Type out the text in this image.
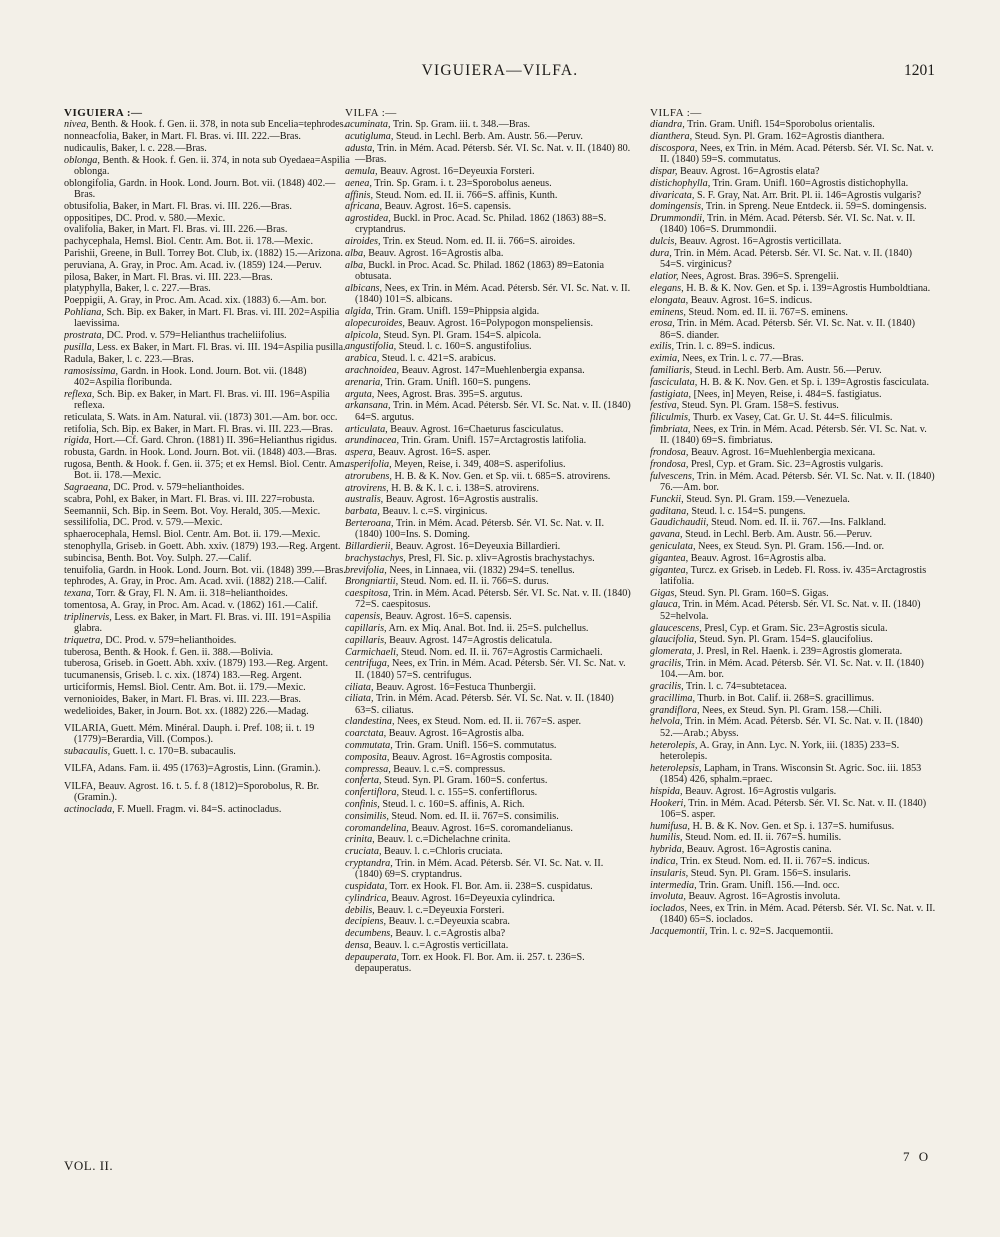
VIGUIERA—VILFA.	1201
VIGUIERA :—
nivea, Benth. & Hook. f. Gen. ii. 378, in nota sub Encelia=tephrodes.
nonneacfolia, Baker, in Mart. Fl. Bras. vi. III. 222.—Bras.
nudicaulis, Baker, l. c. 228.—Bras.
oblonga, Benth. & Hook. f. Gen. ii. 374, in nota sub Oyedaea=Aspilia oblonga.
oblongifolia, Gardn. in Hook. Lond. Journ. Bot. vii. (1848) 402.—Bras.
obtusifolia, Baker, in Mart. Fl. Bras. vi. III. 226.—Bras.
oppositipes, DC. Prod. v. 580.—Mexic.
ovalifolia, Baker, in Mart. Fl. Bras. vi. III. 226.—Bras.
pachycephala, Hemsl. Biol. Centr. Am. Bot. ii. 178.—Mexic.
Parishii, Greene, in Bull. Torrey Bot. Club, ix. (1882) 15.—Arizona.
peruviana, A. Gray, in Proc. Am. Acad. iv. (1859) 124.—Peruv.
pilosa, Baker, in Mart. Fl. Bras. vi. III. 223.—Bras.
platyphylla, Baker, l. c. 227.—Bras.
Poeppigii, A. Gray, in Proc. Am. Acad. xix. (1883) 6.—Am. bor.
Pohliana, Sch. Bip. ex Baker, in Mart. Fl. Bras. vi. III. 202=Aspilia laevissima.
prostrata, DC. Prod. v. 579=Helianthus tracheliifolius.
pusilla, Less. ex Baker, in Mart. Fl. Bras. vi. III. 194=Aspilia pusilla.
Radula, Baker, l. c. 223.—Bras.
ramosissima, Gardn. in Hook. Lond. Journ. Bot. vii. (1848) 402=Aspilia floribunda.
reflexa, Sch. Bip. ex Baker, in Mart. Fl. Bras. vi. III. 196=Aspilia reflexa.
reticulata, S. Wats. in Am. Natural. vii. (1873) 301.—Am. bor. occ.
retifolia, Sch. Bip. ex Baker, in Mart. Fl. Bras. vi. III. 223.—Bras.
rigida, Hort.—Cf. Gard. Chron. (1881) II. 396=Helianthus rigidus.
robusta, Gardn. in Hook. Lond. Journ. Bot. vii. (1848) 403.—Bras.
rugosa, Benth. & Hook. f. Gen. ii. 375; et ex Hemsl. Biol. Centr. Am. Bot. ii. 178.—Mexic.
Sagraeana, DC. Prod. v. 579=helianthoides.
scabra, Pohl, ex Baker, in Mart. Fl. Bras. vi. III. 227=robusta.
Seemannii, Sch. Bip. in Seem. Bot. Voy. Herald, 305.—Mexic.
sessilifolia, DC. Prod. v. 579.—Mexic.
sphaerocephala, Hemsl. Biol. Centr. Am. Bot. ii. 179.—Mexic.
stenophylla, Griseb. in Goett. Abh. xxiv. (1879) 193.—Reg. Argent.
subincisa, Benth. Bot. Voy. Sulph. 27.—Calif.
tenuifolia, Gardn. in Hook. Lond. Journ. Bot. vii. (1848) 399.—Bras.
tephrodes, A. Gray, in Proc. Am. Acad. xvii. (1882) 218.—Calif.
texana, Torr. & Gray, Fl. N. Am. ii. 318=helianthoides.
tomentosa, A. Gray, in Proc. Am. Acad. v. (1862) 161.—Calif.
triplinervis, Less. ex Baker, in Mart. Fl. Bras. vi. III. 191=Aspilia glabra.
triquetra, DC. Prod. v. 579=helianthoides.
tuberosa, Benth. & Hook. f. Gen. ii. 388.—Bolivia.
tuberosa, Griseb. in Goett. Abh. xxiv. (1879) 193.—Reg. Argent.
tucumanensis, Griseb. l. c. xix. (1874) 183.—Reg. Argent.
urticiformis, Hemsl. Biol. Centr. Am. Bot. ii. 179.—Mexic.
vernonioides, Baker, in Mart. Fl. Bras. vi. III. 223.—Bras.
wedelioides, Baker, in Journ. Bot. xx. (1882) 226.—Madag.
VILARIA, Guett. Mém. Minéral. Dauph. i. Pref. 108; ii. t. 19 (1779)=Berardia, Vill. (Compos.).
subacaulis, Guett. l. c. 170=B. subacaulis.
VILFA, Adans. Fam. ii. 495 (1763)=Agrostis, Linn. (Gramin.).
VILFA, Beauv. Agrost. 16. t. 5. f. 8 (1812)=Sporobolus, R. Br. (Gramin.).
actinoclada, F. Muell. Fragm. vi. 84=S. actinocladus.
VILFA :—
acuminata, Trin. Sp. Gram. iii. t. 348.—Bras.
acutigluma, Steud. in Lechl. Berb. Am. Austr. 56.—Peruv.
adusta, Trin. in Mém. Acad. Pétersb. Sér. VI. Sc. Nat. v. II. (1840) 80.—Bras.
aemula, Beauv. Agrost. 16=Deyeuxia Forsteri.
aenea, Trin. Sp. Gram. i. t. 23=Sporobolus aeneus.
affinis, Steud. Nom. ed. II. ii. 766=S. affinis, Kunth.
africana, Beauv. Agrost. 16=S. capensis.
agrostidea, Buckl. in Proc. Acad. Sc. Philad. 1862 (1863) 88=S. cryptandrus.
airoides, Trin. ex Steud. Nom. ed. II. ii. 766=S. airoides.
alba, Beauv. Agrost. 16=Agrostis alba.
alba, Buckl. in Proc. Acad. Sc. Philad. 1862 (1863) 89=Eatonia obtusata.
albicans, Nees, ex Trin. in Mém. Acad. Pétersb. Sér. VI. Sc. Nat. v. II. (1840) 101=S. albicans.
algida, Trin. Gram. Unifl. 159=Phippsia algida.
alopecuroides, Beauv. Agrost. 16=Polypogon monspeliensis.
alpicola, Steud. Syn. Pl. Gram. 154=S. alpicola.
angustifolia, Steud. l. c. 160=S. angustifolius.
arabica, Steud. l. c. 421=S. arabicus.
arachnoidea, Beauv. Agrost. 147=Muehlenbergia expansa.
arenaria, Trin. Gram. Unifl. 160=S. pungens.
arguta, Nees, Agrost. Bras. 395=S. argutus.
arkansana, Trin. in Mém. Acad. Pétersb. Sér. VI. Sc. Nat. v. II. (1840) 64=S. argutus.
articulata, Beauv. Agrost. 16=Chaeturus fasciculatus.
arundinacea, Trin. Gram. Unifl. 157=Arctagrostis latifolia.
aspera, Beauv. Agrost. 16=S. asper.
asperifolia, Meyen, Reise, i. 349, 408=S. asperifolius.
atrorubens, H. B. & K. Nov. Gen. et Sp. vii. t. 685=S. atrovirens.
atrovirens, H. B. & K. l. c. i. 138=S. atrovirens.
australis, Beauv. Agrost. 16=Agrostis australis.
barbata, Beauv. l. c.=S. virginicus.
Berteroana, Trin. in Mém. Acad. Pétersb. Sér. VI. Sc. Nat. v. II. (1840) 100=Ins. S. Doming.
Billardierii, Beauv. Agrost. 16=Deyeuxia Billardieri.
brachystachys, Presl, Fl. Sic. p. xliv=Agrostis brachystachys.
brevifolia, Nees, in Linnaea, vii. (1832) 294=S. tenellus.
Brongniartii, Steud. Nom. ed. II. ii. 766=S. durus.
caespitosa, Trin. in Mém. Acad. Pétersb. Sér. VI. Sc. Nat. v. II. (1840) 72=S. caespitosus.
capensis, Beauv. Agrost. 16=S. capensis.
capillaris, Arn. ex Miq. Anal. Bot. Ind. ii. 25=S. pulchellus.
capillaris, Beauv. Agrost. 147=Agrostis delicatula.
Carmichaeli, Steud. Nom. ed. II. ii. 767=Agrostis Carmichaeli.
centrifuga, Nees, ex Trin. in Mém. Acad. Pétersb. Sér. VI. Sc. Nat. v. II. (1840) 57=S. centrifugus.
ciliata, Beauv. Agrost. 16=Festuca Thunbergii.
ciliata, Trin. in Mém. Acad. Pétersb. Sér. VI. Sc. Nat. v. II. (1840) 63=S. ciliatus.
clandestina, Nees, ex Steud. Nom. ed. II. ii. 767=S. asper.
coarctata, Beauv. Agrost. 16=Agrostis alba.
commutata, Trin. Gram. Unifl. 156=S. commutatus.
composita, Beauv. Agrost. 16=Agrostis composita.
compressa, Beauv. l. c.=S. compressus.
conferta, Steud. Syn. Pl. Gram. 160=S. confertus.
confertiflora, Steud. l. c. 155=S. confertiflorus.
confinis, Steud. l. c. 160=S. affinis, A. Rich.
consimilis, Steud. Nom. ed. II. ii. 767=S. consimilis.
coromandelina, Beauv. Agrost. 16=S. coromandelianus.
crinita, Beauv. l. c.=Dichelachne crinita.
cruciata, Beauv. l. c.=Chloris cruciata.
cryptandra, Trin. in Mém. Acad. Pétersb. Sér. VI. Sc. Nat. v. II. (1840) 69=S. cryptandrus.
cuspidata, Torr. ex Hook. Fl. Bor. Am. ii. 238=S. cuspidatus.
cylindrica, Beauv. Agrost. 16=Deyeuxia cylindrica.
debilis, Beauv. l. c.=Deyeuxia Forsteri.
decipiens, Beauv. l. c.=Deyeuxia scabra.
decumbens, Beauv. l. c.=Agrostis alba?
densa, Beauv. l. c.=Agrostis verticillata.
depauperata, Torr. ex Hook. Fl. Bor. Am. ii. 257. t. 236=S. depauperatus.
VILFA :—
diandra, Trin. Gram. Unifl. 154=Sporobolus orientalis.
dianthera, Steud. Syn. Pl. Gram. 162=Agrostis dianthera.
discosporа, Nees, ex Trin. in Mém. Acad. Pétersb. Sér. VI. Sc. Nat. v. II. (1840) 59=S. commutatus.
dispar, Beauv. Agrost. 16=Agrostis elata?
distichophylla, Trin. Gram. Unifl. 160=Agrostis distichophylla.
divaricata, S. F. Gray, Nat. Arr. Brit. Pl. ii. 146=Agrostis vulgaris?
domingensis, Trin. in Spreng. Neue Entdeck. ii. 59=S. domingensis.
Drummondii, Trin. in Mém. Acad. Pétersb. Sér. VI. Sc. Nat. v. II. (1840) 106=S. Drummondii.
dulcis, Beauv. Agrost. 16=Agrostis verticillata.
dura, Trin. in Mém. Acad. Pétersb. Sér. VI. Sc. Nat. v. II. (1840) 54=S. virginicus?
elatior, Nees, Agrost. Bras. 396=S. Sprengelii.
elegans, H. B. & K. Nov. Gen. et Sp. i. 139=Agrostis Humboldtiana.
elongata, Beauv. Agrost. 16=S. indicus.
eminens, Steud. Nom. ed. II. ii. 767=S. eminens.
erosa, Trin. in Mém. Acad. Pétersb. Sér. VI. Sc. Nat. v. II. (1840) 86=S. diander.
exilis, Trin. l. c. 89=S. indicus.
eximia, Nees, ex Trin. l. c. 77.—Bras.
familiaris, Steud. in Lechl. Berb. Am. Austr. 56.—Peruv.
fasciculata, H. B. & K. Nov. Gen. et Sp. i. 139=Agrostis fasciculata.
fastigiata, [Nees, in] Meyen, Reise, i. 484=S. fastigiatus.
festiva, Steud. Syn. Pl. Gram. 158=S. festivus.
filiculmis, Thurb. ex Vasey, Cat. Gr. U. St. 44=S. filiculmis.
fimbriata, Nees, ex Trin. in Mém. Acad. Pétersb. Sér. VI. Sc. Nat. v. II. (1840) 69=S. fimbriatus.
frondosa, Beauv. Agrost. 16=Muehlenbergia mexicana.
frondosa, Presl, Cyp. et Gram. Sic. 23=Agrostis vulgaris.
fulvescens, Trin. in Mém. Acad. Pétersb. Sér. VI. Sc. Nat. v. II. (1840) 76.—Am. bor.
Funckii, Steud. Syn. Pl. Gram. 159.—Venezuela.
gaditana, Steud. l. c. 154=S. pungens.
Gaudichaudii, Steud. Nom. ed. II. ii. 767.—Ins. Falkland.
gavana, Steud. in Lechl. Berb. Am. Austr. 56.—Peruv.
geniculata, Nees, ex Steud. Syn. Pl. Gram. 156.—Ind. or.
gigantea, Beauv. Agrost. 16=Agrostis alba.
gigantea, Turcz. ex Griseb. in Ledeb. Fl. Ross. iv. 435=Arctagrostis latifolia.
Gigas, Steud. Syn. Pl. Gram. 160=S. Gigas.
glauca, Trin. in Mém. Acad. Pétersb. Sér. VI. Sc. Nat. v. II. (1840) 52=helvola.
glaucescens, Presl, Cyp. et Gram. Sic. 23=Agrostis sicula.
glaucifolia, Steud. Syn. Pl. Gram. 154=S. glaucifolius.
glomerata, J. Presl, in Rel. Haenk. i. 239=Agrostis glomerata.
gracilis, Trin. in Mém. Acad. Pétersb. Sér. VI. Sc. Nat. v. II. (1840) 104.—Am. bor.
gracilis, Trin. l. c. 74=subtetacea.
gracillima, Thurb. in Bot. Calif. ii. 268=S. gracillimus.
grandiflora, Nees, ex Steud. Syn. Pl. Gram. 158.—Chili.
helvola, Trin. in Mém. Acad. Pétersb. Sér. VI. Sc. Nat. v. II. (1840) 52.—Arab.; Abyss.
heterolepis, A. Gray, in Ann. Lyc. N. York, iii. (1835) 233=S. heterolepis.
heterolepsis, Lapham, in Trans. Wisconsin St. Agric. Soc. iii. 1853 (1854) 426, sphalm.=praec.
hispida, Beauv. Agrost. 16=Agrostis vulgaris.
Hookeri, Trin. in Mém. Acad. Pétersb. Sér. VI. Sc. Nat. v. II. (1840) 106=S. asper.
humifusa, H. B. & K. Nov. Gen. et Sp. i. 137=S. humifusus.
humilis, Steud. Nom. ed. II. ii. 767=S. humilis.
hybrida, Beauv. Agrost. 16=Agrostis canina.
indica, Trin. ex Steud. Nom. ed. II. ii. 767=S. indicus.
insularis, Steud. Syn. Pl. Gram. 156=S. insularis.
intermedia, Trin. Gram. Unifl. 156.—Ind. occ.
involuta, Beauv. Agrost. 16=Agrostis involuta.
ioclados, Nees, ex Trin. in Mém. Acad. Pétersb. Sér. VI. Sc. Nat. v. II. (1840) 65=S. ioclados.
Jacquemontii, Trin. l. c. 92=S. Jacquemontii.
VOL. II.
7 O
